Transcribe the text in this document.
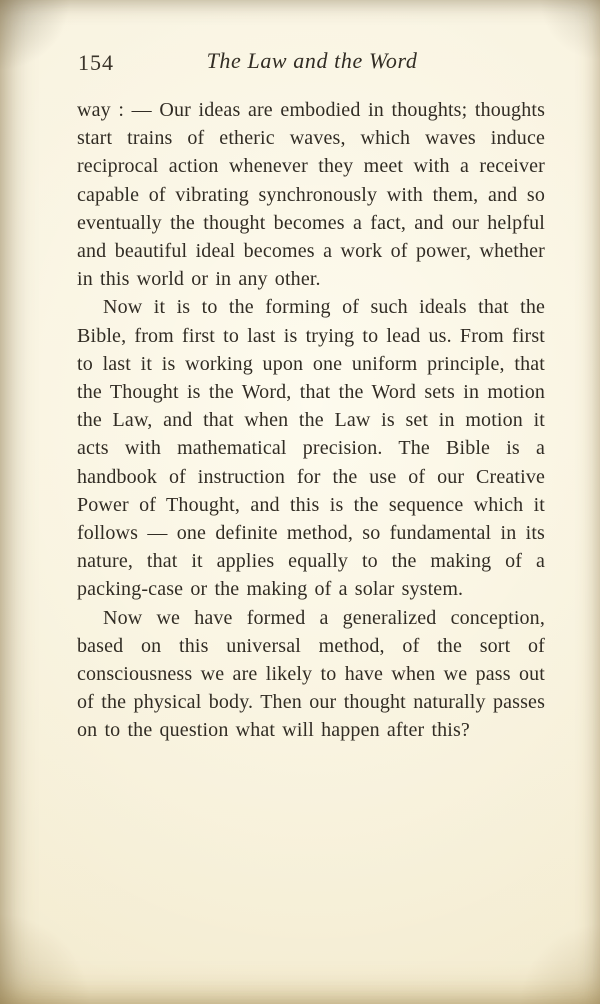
154	The Law and the Word

way : — Our ideas are embodied in thoughts; thoughts start trains of etheric waves, which waves induce reciprocal action whenever they meet with a receiver capable of vibrating synchronously with them, and so eventually the thought becomes a fact, and our helpful and beautiful ideal becomes a work of power, whether in this world or in any other.

Now it is to the forming of such ideals that the Bible, from first to last is trying to lead us. From first to last it is working upon one uniform principle, that the Thought is the Word, that the Word sets in motion the Law, and that when the Law is set in motion it acts with mathematical precision. The Bible is a handbook of instruction for the use of our Creative Power of Thought, and this is the sequence which it follows — one definite method, so fundamental in its nature, that it applies equally to the making of a packing-case or the making of a solar system.

Now we have formed a generalized conception, based on this universal method, of the sort of consciousness we are likely to have when we pass out of the physical body. Then our thought naturally passes on to the question what will happen after this?
